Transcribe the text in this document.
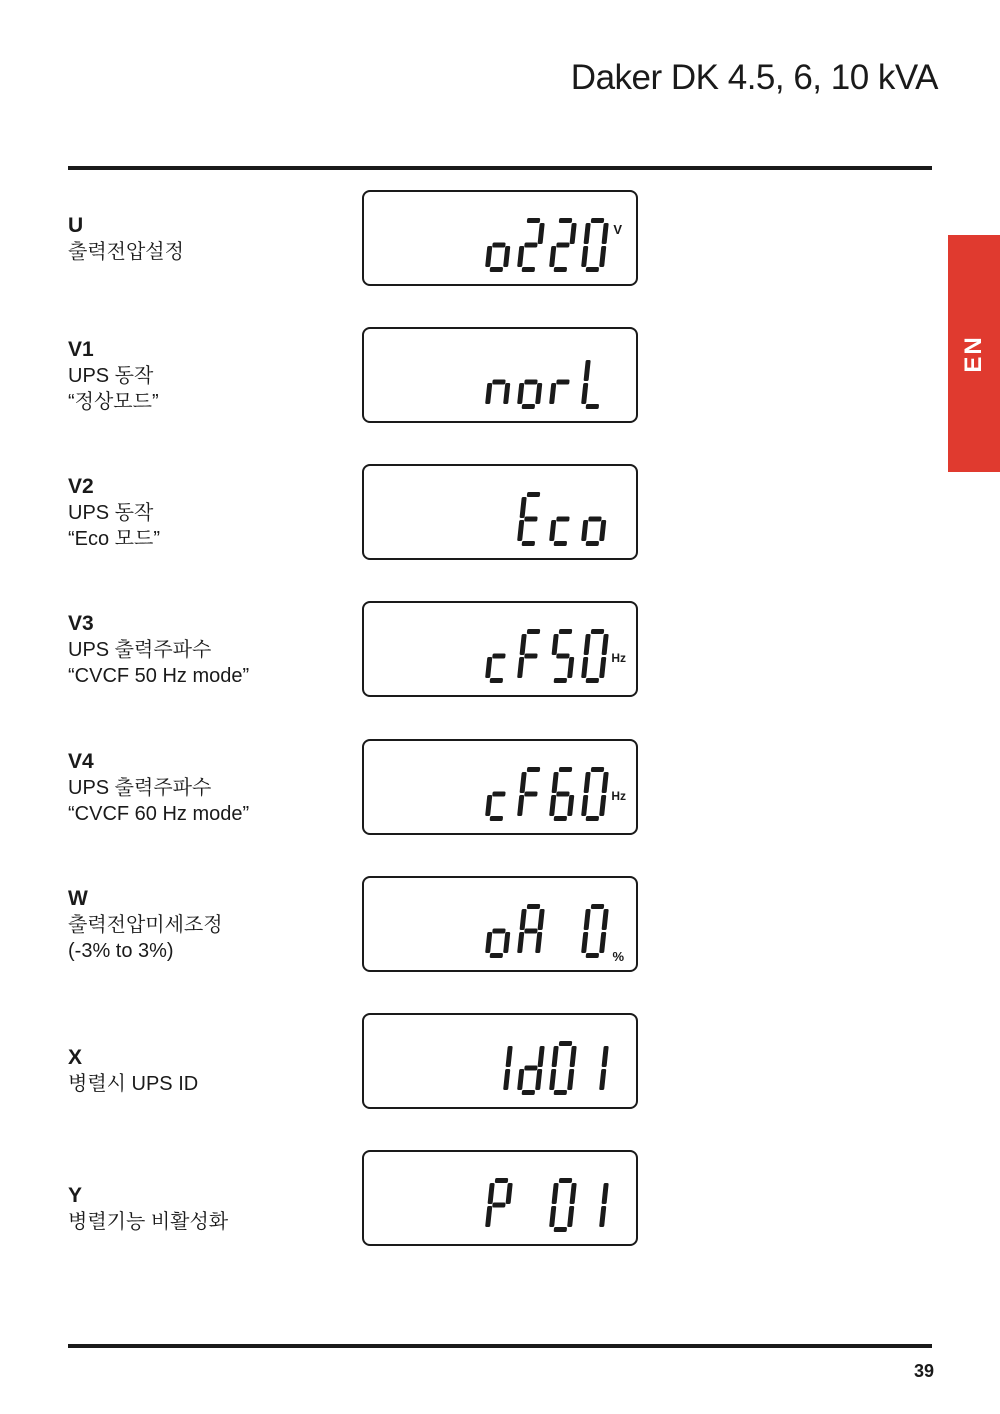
Daker DK 4.5, 6, 10 kVA
EN
U
출력전압설정
V
V1
UPS 동작
“정상모드”
V2
UPS 동작
“Eco 모드”
V3
UPS 출력주파수
“CVCF 50 Hz mode”
Hz
V4
UPS 출력주파수
“CVCF 60 Hz mode”
Hz
W
출력전압미세조정
(-3% to 3%)	%
X
병렬시 UPS ID
Y
병렬기능 비활성화
39
